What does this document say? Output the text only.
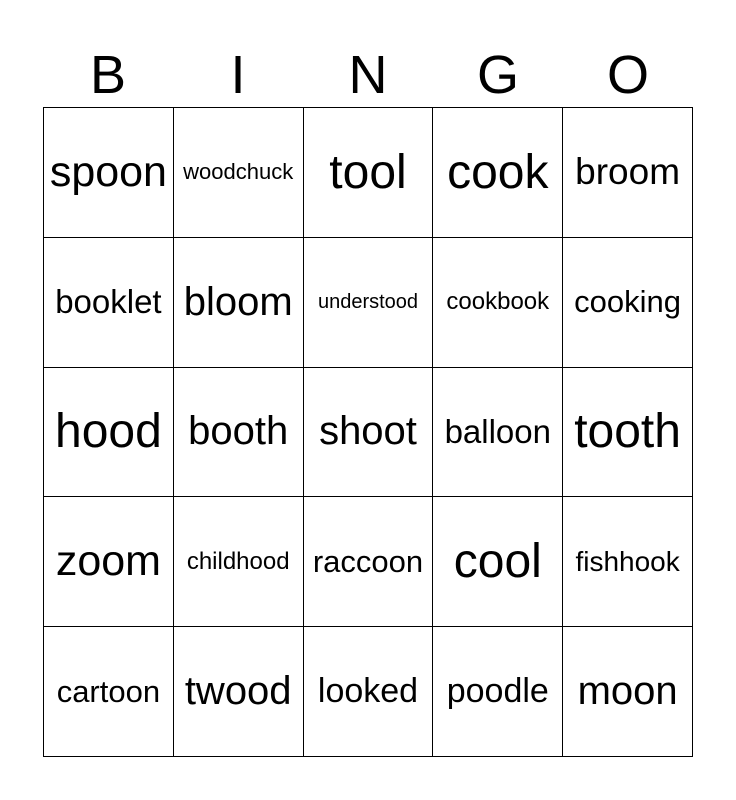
B	I	N	G	O
spoon woodchuck tool cook broom
booklet bloom understood cookbook cooking
hood booth shoot balloon tooth
zoom childhood raccoon cool fishhook
cartoon twood looked poodle moon
